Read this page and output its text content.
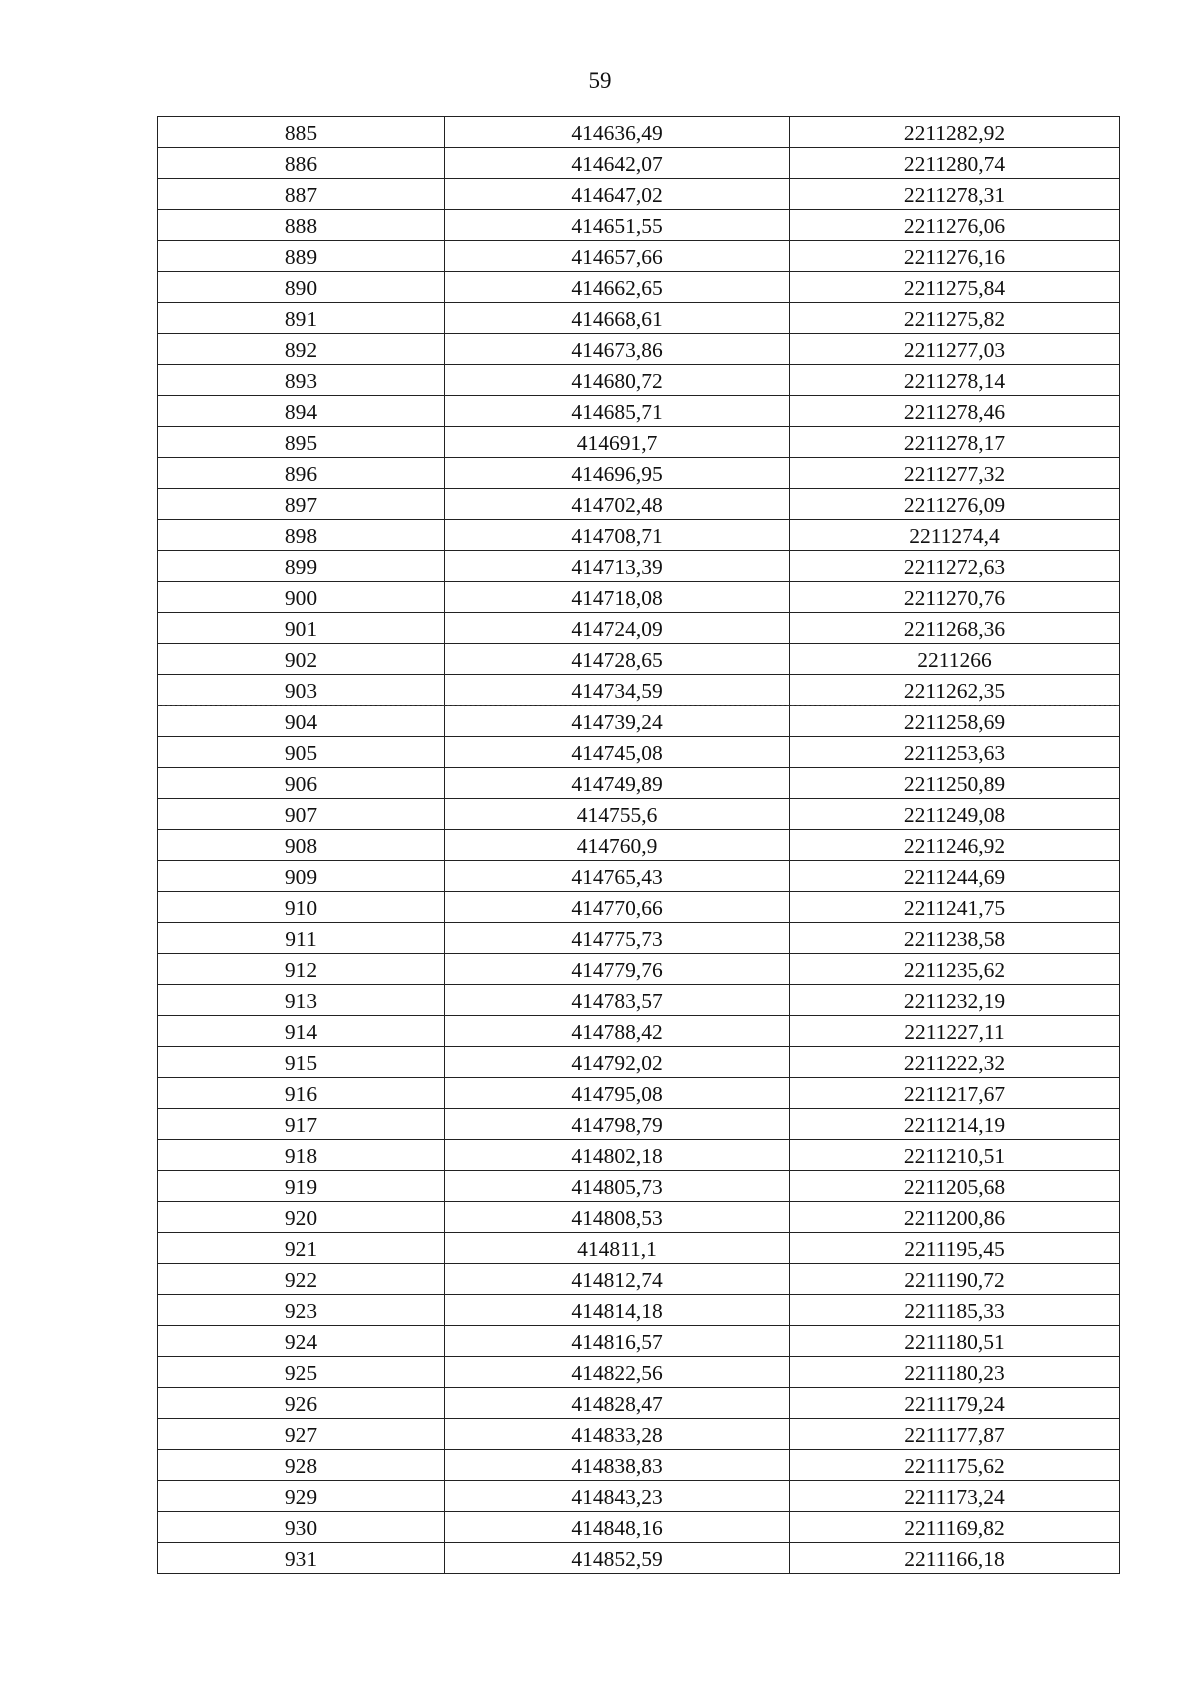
59
885	414636,49	2211282,92
886	414642,07	2211280,74
887	414647,02	2211278,31
888	414651,55	2211276,06
889	414657,66	2211276,16
890	414662,65	2211275,84
891	414668,61	2211275,82
892	414673,86	2211277,03
893	414680,72	2211278,14
894	414685,71	2211278,46
895	414691,7	2211278,17
896	414696,95	2211277,32
897	414702,48	2211276,09
898	414708,71	2211274,4
899	414713,39	2211272,63
900	414718,08	2211270,76
901	414724,09	2211268,36
902	414728,65	2211266
903	414734,59	2211262,35
904	414739,24	2211258,69
905	414745,08	2211253,63
906	414749,89	2211250,89
907	414755,6	2211249,08
908	414760,9	2211246,92
909	414765,43	2211244,69
910	414770,66	2211241,75
911	414775,73	2211238,58
912	414779,76	2211235,62
913	414783,57	2211232,19
914	414788,42	2211227,11
915	414792,02	2211222,32
916	414795,08	2211217,67
917	414798,79	2211214,19
918	414802,18	2211210,51
919	414805,73	2211205,68
920	414808,53	2211200,86
921	414811,1	2211195,45
922	414812,74	2211190,72
923	414814,18	2211185,33
924	414816,57	2211180,51
925	414822,56	2211180,23
926	414828,47	2211179,24
927	414833,28	2211177,87
928	414838,83	2211175,62
929	414843,23	2211173,24
930	414848,16	2211169,82
931	414852,59	2211166,18
